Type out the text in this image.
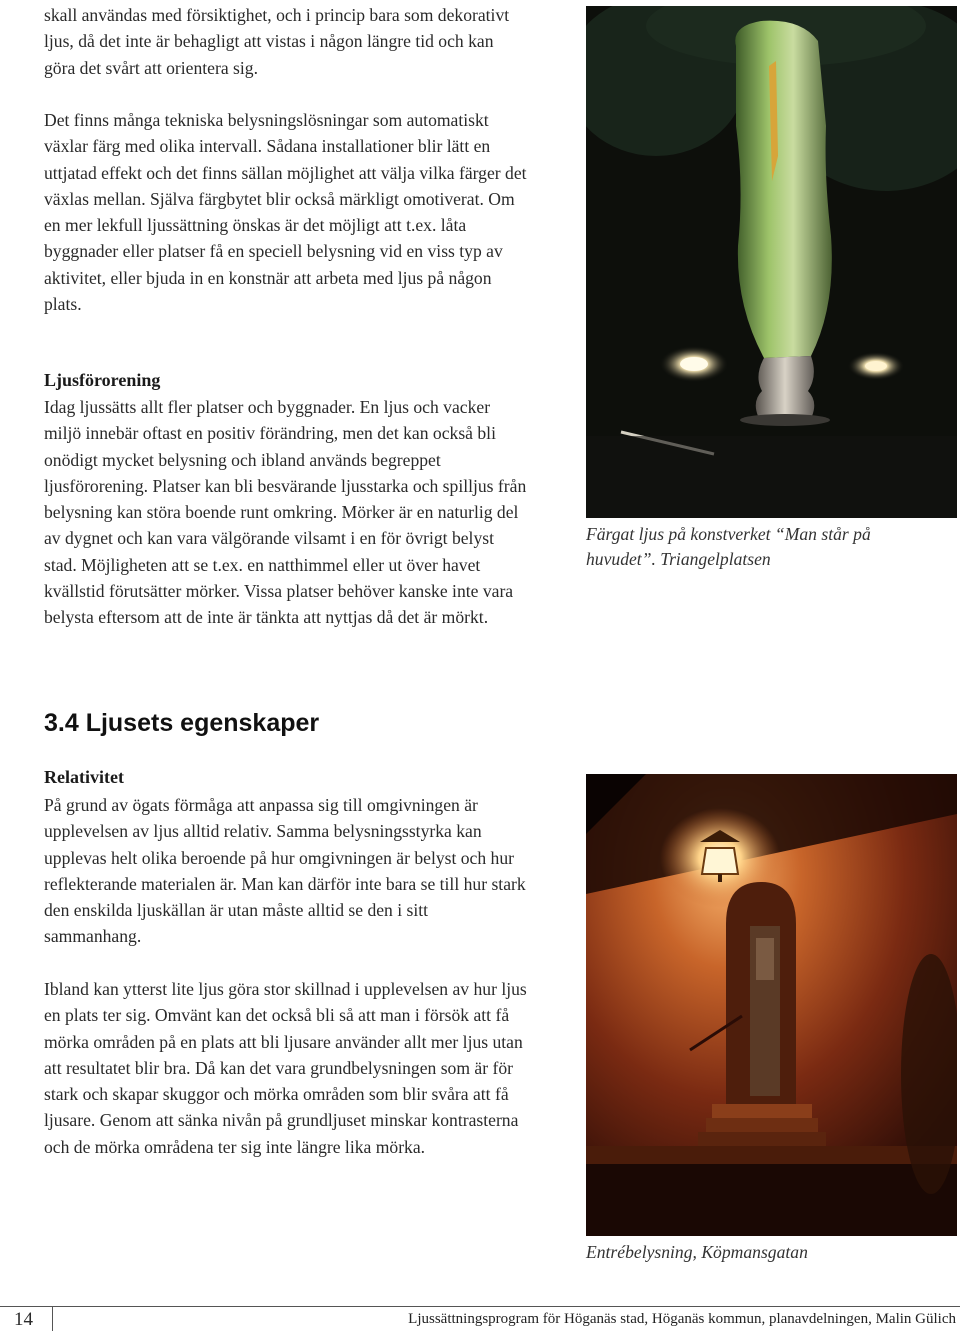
skall användas med försiktighet, och i princip bara som dekorativt ljus, då det inte är behagligt att vistas i någon längre tid och kan göra det svårt att orientera sig.

Det finns många tekniska belysningslösningar som automatiskt växlar färg med olika intervall. Sådana installationer blir lätt en uttjatad effekt och det finns sällan möjlighet att välja vilka färger det växlas mellan. Själva färgbytet blir också märkligt omotiverat. Om en mer lekfull ljussättning önskas är det möjligt att t.ex. låta byggnader eller platser få en speciell belysning vid en viss typ av aktivitet, eller bjuda in en konstnär att arbeta med ljus på någon plats.

Ljusförorening

Idag ljussätts allt fler platser och byggnader. En ljus och vacker miljö innebär oftast en positiv förändring, men det kan också bli onödigt mycket belysning och ibland används begreppet ljusförorening. Platser kan bli besvärande ljusstarka och spilljus från belysning kan störa boende runt omkring. Mörker är en naturlig del av dygnet och kan vara välgörande vilsamt i en för övrigt belyst stad. Möjligheten att se t.ex. en natthimmel eller ut över havet kvällstid förutsätter mörker. Vissa platser behöver kanske inte vara belysta eftersom att de inte är tänkta att nyttjas då det är mörkt.

3.4 Ljusets egenskaper
Relativitet

På grund av ögats förmåga att anpassa sig till omgivningen är upplevelsen av ljus alltid relativ. Samma belysningsstyrka kan upplevas helt olika beroende på hur omgivningen är belyst och hur reflekterande materialen är. Man kan därför inte bara se till hur stark den enskilda ljuskällan är utan måste alltid se den i sitt sammanhang.

Ibland kan ytterst lite ljus göra stor skillnad i upplevelsen av hur ljus en plats ter sig. Omvänt kan det också bli så att man i försök att få mörka områden på en plats att bli ljusare använder allt mer ljus utan att resultatet blir bra. Då kan det vara grundbelysningen som är för stark och skapar skuggor och mörka områden som blir svåra att få ljusare. Genom att sänka nivån på grundljuset minskar kontrasterna och de mörka områdena ter sig inte längre lika mörka.

Färgat ljus på konstverket “Man står på huvudet”. Triangelplatsen

Entrébelysning, Köpmansgatan

14	Ljussättningsprogram för Höganäs stad, Höganäs kommun, planavdelningen, Malin Gülich
